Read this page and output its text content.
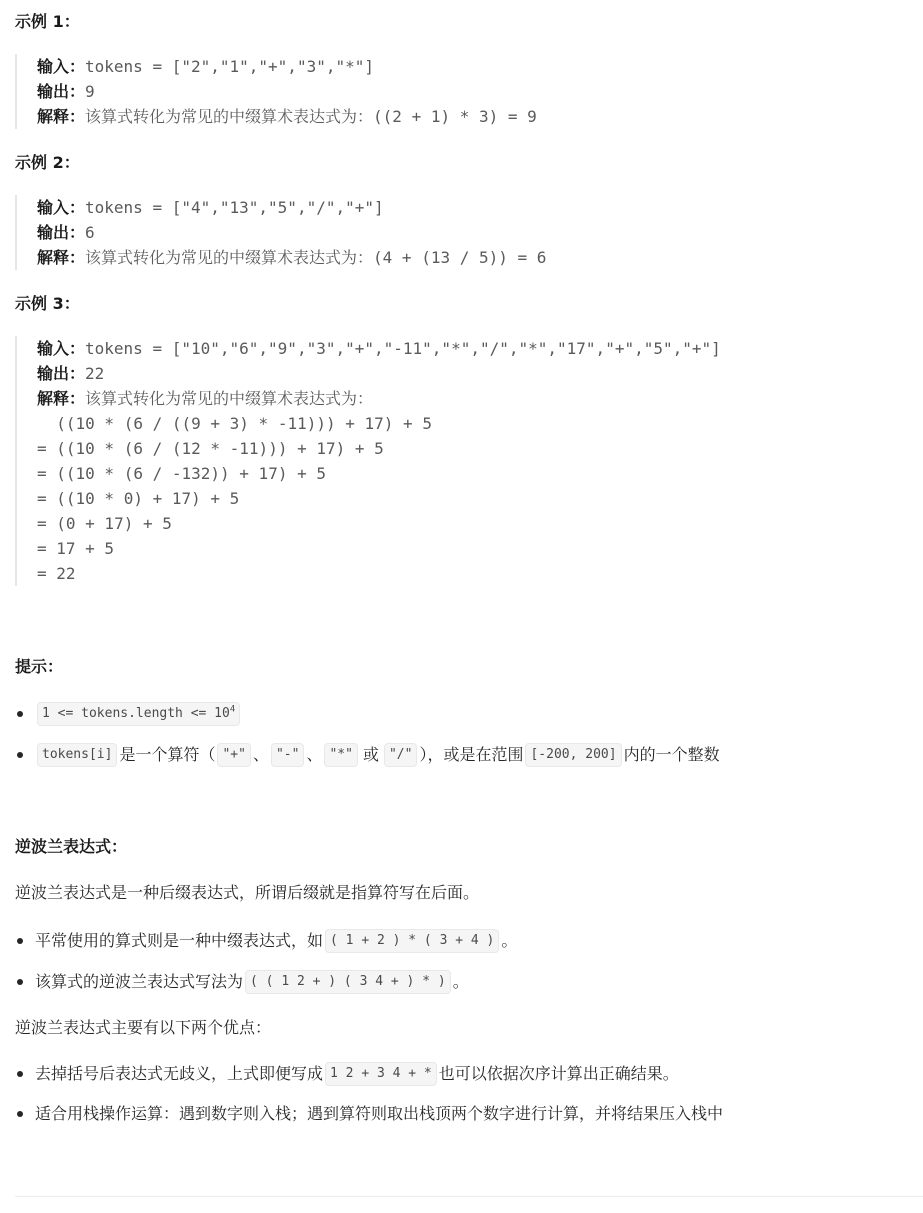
示例 1：
输入：tokens = ["2","1","+","3","*"]
输出：9
解释：该算式转化为常见的中缀算术表达式为：((2 + 1) * 3) = 9
示例 2：
输入：tokens = ["4","13","5","/","+"]
输出：6
解释：该算式转化为常见的中缀算术表达式为：(4 + (13 / 5)) = 6
示例 3：
输入：tokens = ["10","6","9","3","+","-11","*","/","*","17","+","5","+"]
输出：22
解释：该算式转化为常见的中缀算术表达式为：
((10 * (6 / ((9 + 3) * -11))) + 17) + 5
= ((10 * (6 / (12 * -11))) + 17) + 5
= ((10 * (6 / -132)) + 17) + 5
= ((10 * 0) + 17) + 5
= (0 + 17) + 5
= 17 + 5
= 22
提示：
1 <= tokens.length <= $10^4$
tokens[i] 是一个算符（ "+" 、 "-" 、 "*" 或 "/" ），或是在范围 [-200, 200] 内的一个整数
逆波兰表达式：
逆波兰表达式是一种后缀表达式，所谓后缀就是指算符写在后面。
平常使用的算式则是一种中缀表达式，如 ( 1 + 2 ) * ( 3 + 4 ) 。
该算式的逆波兰表达式写法为 ( ( 1 2 + ) ( 3 4 + ) * ) 。
逆波兰表达式主要有以下两个优点：
去掉括号后表达式无歧义，上式即便写成 1 2 + 3 4 + * 也可以依据次序计算出正确结果。
适合用栈操作运算：遇到数字则入栈；遇到算符则取出栈顶两个数字进行计算，并将结果压入栈中
